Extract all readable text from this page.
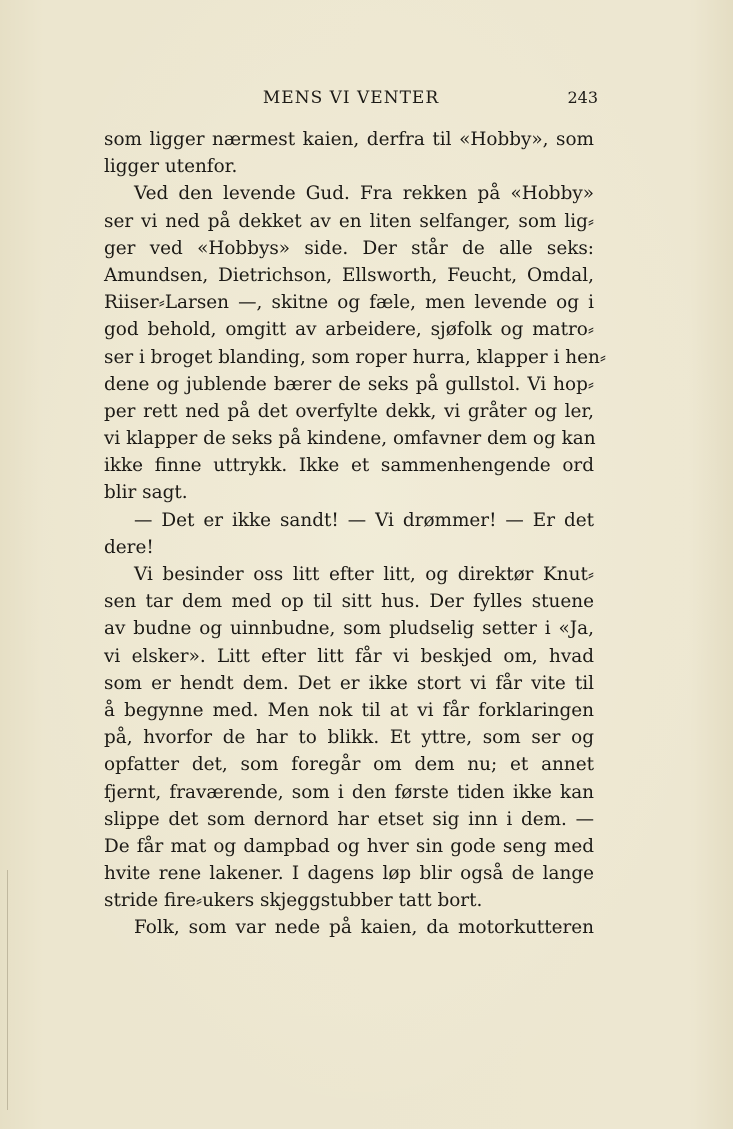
MENS VI VENTER	243
som ligger nærmest kaien, derfra til «Hobby», som
ligger utenfor.
Ved den levende Gud. Fra rekken på «Hobby»
ser vi ned på dekket av en liten selfanger, som lig⸗
ger ved «Hobbys» side. Der står de alle seks:
Amundsen, Dietrichson, Ellsworth, Feucht, Omdal,
Riiser⸗Larsen —, skitne og fæle, men levende og i
god behold, omgitt av arbeidere, sjøfolk og matro⸗
ser i broget blanding, som roper hurra, klapper i hen⸗
dene og jublende bærer de seks på gullstol. Vi hop⸗
per rett ned på det overfylte dekk, vi gråter og ler,
vi klapper de seks på kindene, omfavner dem og kan
ikke finne uttrykk. Ikke et sammenhengende ord
blir sagt.
— Det er ikke sandt! — Vi drømmer! — Er det
dere!
Vi besinder oss litt efter litt, og direktør Knut⸗
sen tar dem med op til sitt hus. Der fylles stuene
av budne og uinnbudne, som pludselig setter i «Ja,
vi elsker». Litt efter litt får vi beskjed om, hvad
som er hendt dem. Det er ikke stort vi får vite til
å begynne med. Men nok til at vi får forklaringen
på, hvorfor de har to blikk. Et yttre, som ser og
opfatter det, som foregår om dem nu; et annet
fjernt, fraværende, som i den første tiden ikke kan
slippe det som dernord har etset sig inn i dem. —
De får mat og dampbad og hver sin gode seng med
hvite rene lakener. I dagens løp blir også de lange
stride fire⸗ukers skjeggstubber tatt bort.
Folk, som var nede på kaien, da motorkutteren
